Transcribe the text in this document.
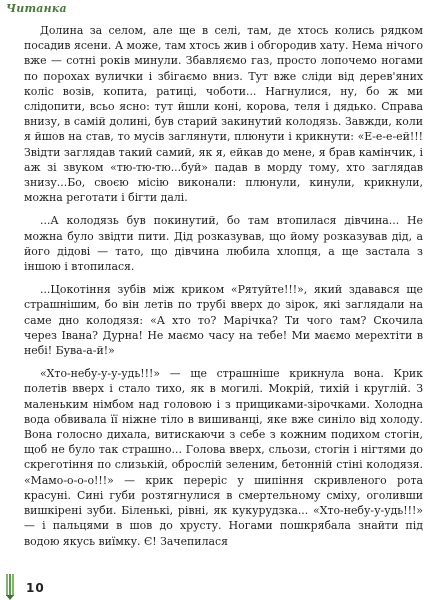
Читанка

Долина за селом, але ще в селі, там, де хтось колись рядком посадив ясени. А може, там хтось жив і обгородив хату. Нема нічого вже — сотні років минули. Збавляємо газ, просто лопочемо ногами по порохах вулички і збігаємо вниз. Тут вже сліди від дерев'яних коліс возів, копита, ратиці, чоботи... Нагнулися, ну, бо ж ми слідопити, всьо ясно: тут йшли коні, корова, теля і дядько. Справа внизу, в самій долині, був старий закинутий колодязь. Завжди, коли я йшов на став, то мусів заглянути, плюнути і крикнути: «Е-е-е-ей!!! Звідти заглядав такий самий, як я, ейкав до мене, я брав камінчик, і аж зі звуком «тю-тю-тю...буй» падав в морду тому, хто заглядав знизу...Бо, своєю місію виконали: плюнули, кинули, крикнули, можна реготати і бігти далі.

...А колодязь був покинутий, бо там втопилася дівчина... Не можна було звідти пити. Дід розказував, що йому розказував дід, а його дідові — тато, що дівчина любила хлопця, а ще застала з іншою і втопилася.

...Цокотіння зубів між криком «Рятуйте!!!», який здавався ще страшнішим, бо він летів по трубі вверх до зірок, які заглядали на саме дно колодязя: «А хто то? Марічка? Ти чого там? Скочила через Івана? Дурна! Не маємо часу на тебе! Ми маємо мерехтіти в небі! Бува-а-й!»

«Хто-небу-у-у-удь!!!» — ще страшніше крикнула вона. Крик полетів вверх і стало тихо, як в могилі. Мокрій, тихій і круглій. З маленьким німбом над головою і з прищиками-зірочками. Холодна вода обвивала її ніжне тіло в вишиванці, яке вже синіло від холоду. Вона голосно дихала, витискаючи з себе з кожним подихом стогін, щоб не було так страшно... Голова вверх, сльози, стогін і нігтями до скреготіння по слизькій, оброслій зеленим, бетонній стіні колодязя. «Мамо-о-о-о!!!» — крик переріс у шипіння скривленого рота красуні. Сині губи розтягнулися в смертельному сміху, оголивши вишкірені зуби. Біленькі, рівні, як кукурудзка... «Хто-небу-у-удь!!!» — і пальцями в шов до хрусту. Ногами пошкрябала знайти під водою якусь виїмку. Є! Зачепилася

10
